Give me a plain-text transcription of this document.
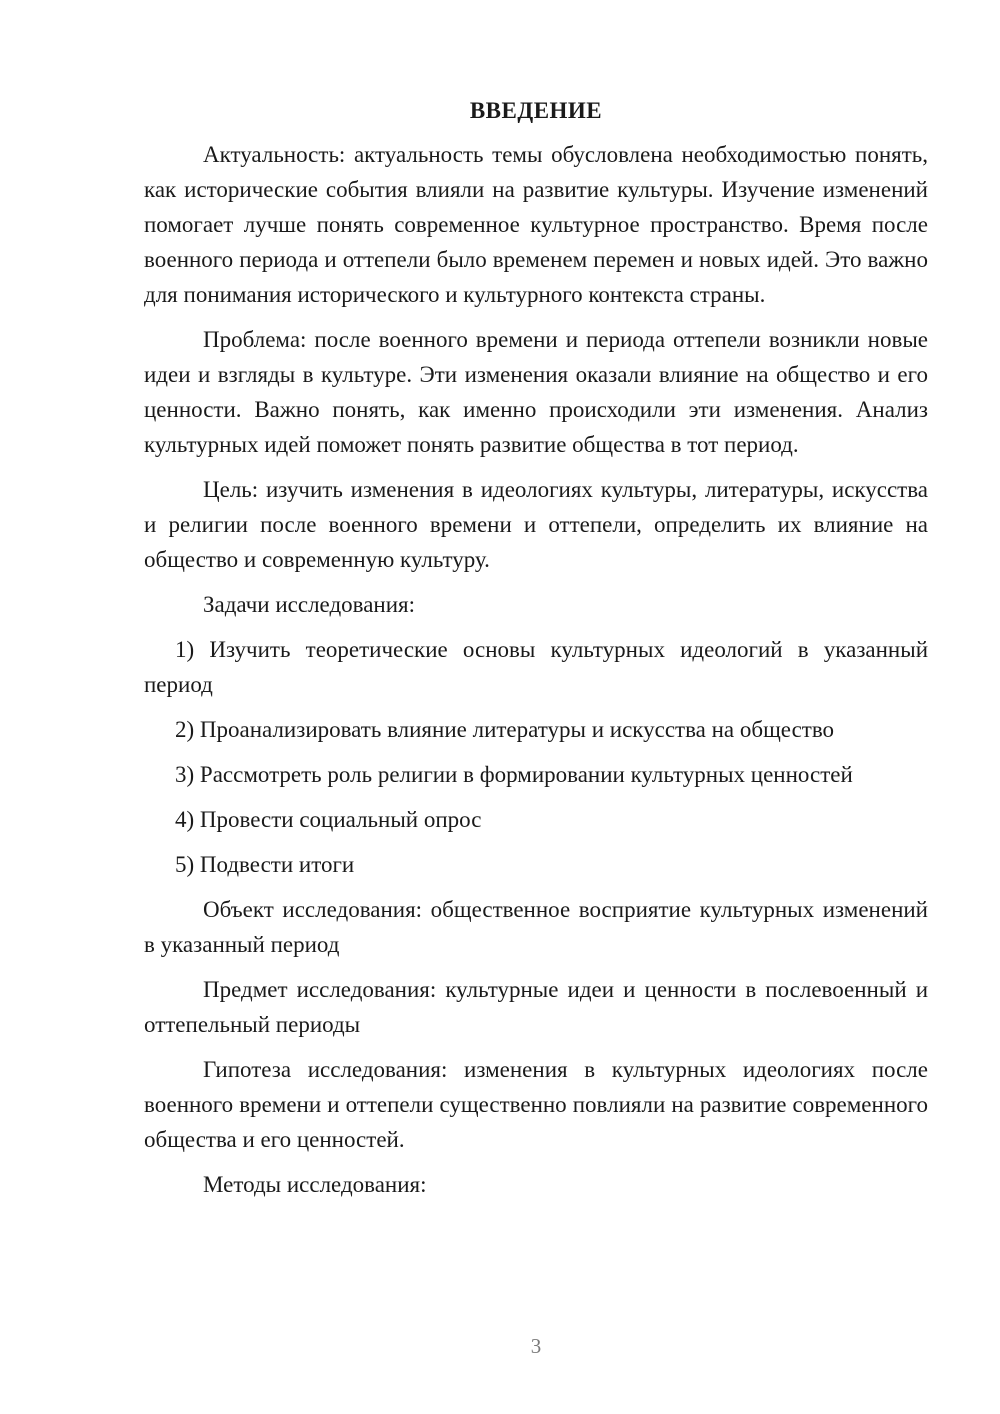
ВВЕДЕНИЕ

Актуальность: актуальность темы обусловлена необходимостью понять, как исторические события влияли на развитие культуры. Изучение изменений помогает лучше понять современное культурное пространство. Время после военного периода и оттепели было временем перемен и новых идей. Это важно для понимания исторического и культурного контекста страны.

Проблема: после военного времени и периода оттепели возникли новые идеи и взгляды в культуре. Эти изменения оказали влияние на общество и его ценности. Важно понять, как именно происходили эти изменения. Анализ культурных идей поможет понять развитие общества в тот период.

Цель: изучить изменения в идеологиях культуры, литературы, искусства и религии после военного времени и оттепели, определить их влияние на общество и современную культуру.

Задачи исследования:

1) Изучить теоретические основы культурных идеологий в указанный период
2) Проанализировать влияние литературы и искусства на общество
3) Рассмотреть роль религии в формировании культурных ценностей
4) Провести социальный опрос
5) Подвести итоги

Объект исследования: общественное восприятие культурных изменений в указанный период

Предмет исследования: культурные идеи и ценности в послевоенный и оттепельный периоды

Гипотеза исследования: изменения в культурных идеологиях после военного времени и оттепели существенно повлияли на развитие современного общества и его ценностей.

Методы исследования:

3
